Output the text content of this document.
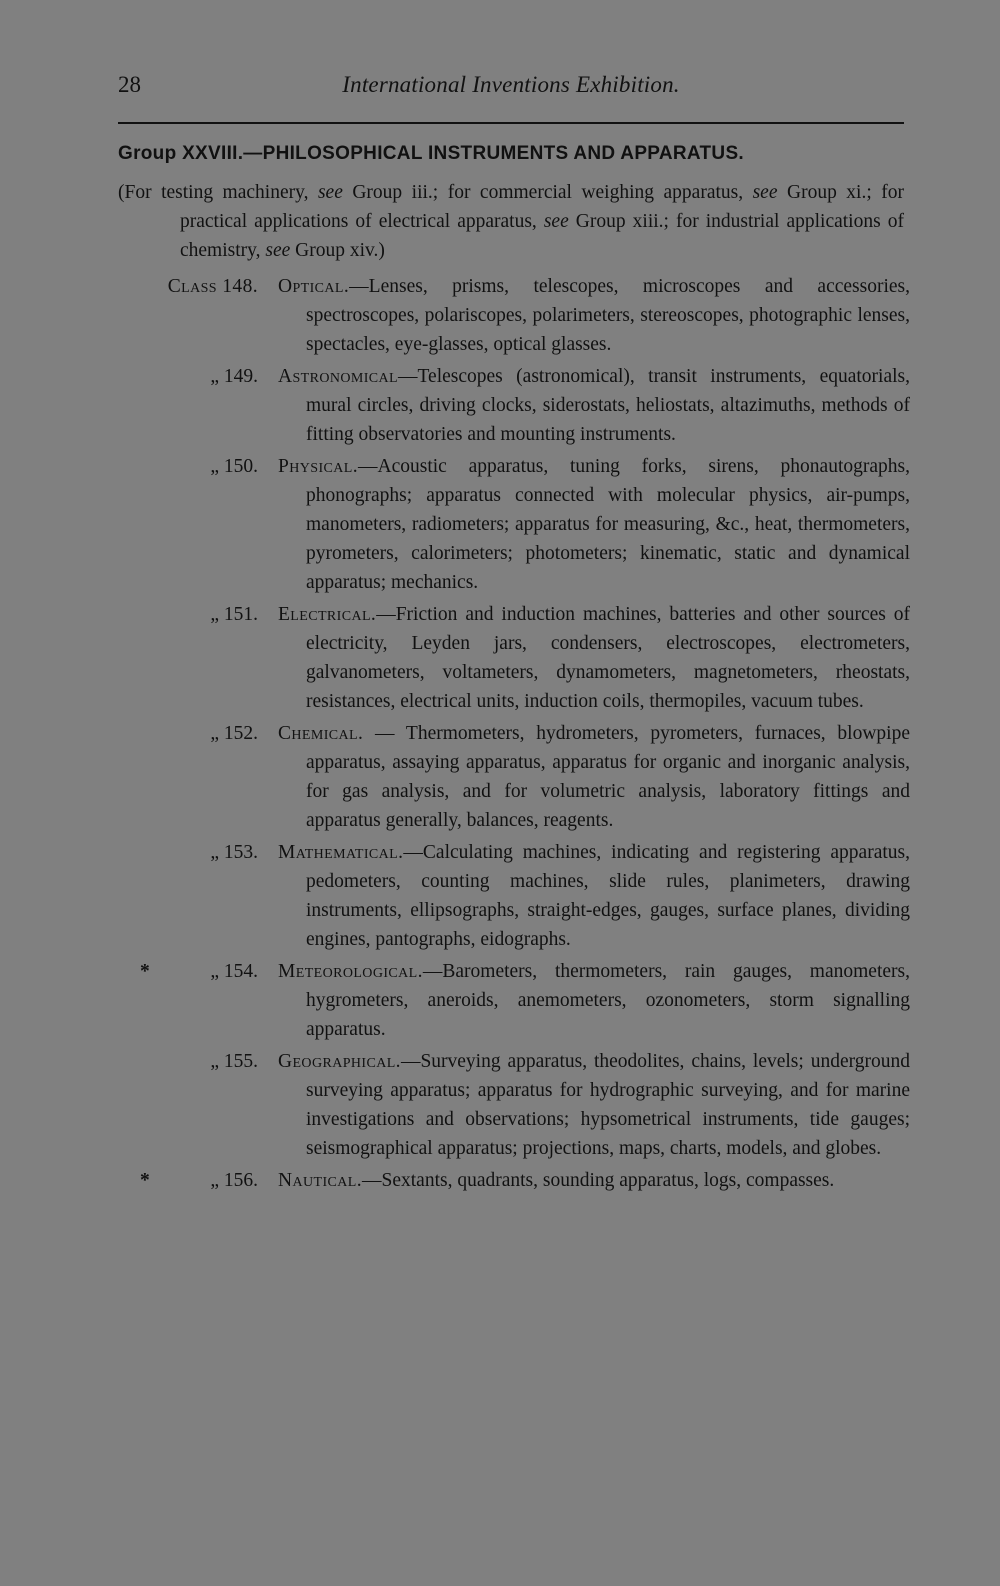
28	International Inventions Exhibition.
Group XXVIII.—PHILOSOPHICAL INSTRUMENTS AND APPARATUS.
(For testing machinery, see Group iii.; for commercial weighing apparatus, see Group xi.; for practical applications of electrical apparatus, see Group xiii.; for industrial applications of chemistry, see Group xiv.)
Class 148.	Optical.—Lenses, prisms, telescopes, microscopes and accessories, spectroscopes, polariscopes, polarimeters, stereoscopes, photographic lenses, spectacles, eye-glasses, optical glasses.
„ 149.	Astronomical—Telescopes (astronomical), transit instruments, equatorials, mural circles, driving clocks, siderostats, heliostats, altazimuths, methods of fitting observatories and mounting instruments.
„ 150.	Physical.—Acoustic apparatus, tuning forks, sirens, phonautographs, phonographs; apparatus connected with molecular physics, air-pumps, manometers, radiometers; apparatus for measuring, &c., heat, thermometers, pyrometers, calorimeters; photometers; kinematic, static and dynamical apparatus; mechanics.
„ 151.	Electrical.—Friction and induction machines, batteries and other sources of electricity, Leyden jars, condensers, electroscopes, electrometers, galvanometers, voltameters, dynamometers, magnetometers, rheostats, resistances, electrical units, induction coils, thermopiles, vacuum tubes.
„ 152.	Chemical. — Thermometers, hydrometers, pyrometers, furnaces, blowpipe apparatus, assaying apparatus, apparatus for organic and inorganic analysis, for gas analysis, and for volumetric analysis, laboratory fittings and apparatus generally, balances, reagents.
„ 153.	Mathematical.—Calculating machines, indicating and registering apparatus, pedometers, counting machines, slide rules, planimeters, drawing instruments, ellipsographs, straight-edges, gauges, surface planes, dividing engines, pantographs, eidographs.
*	„ 154.	Meteorological.—Barometers, thermometers, rain gauges, manometers, hygrometers, aneroids, anemometers, ozonometers, storm signalling apparatus.
„ 155.	Geographical.—Surveying apparatus, theodolites, chains, levels; underground surveying apparatus; apparatus for hydrographic surveying, and for marine investigations and observations; hypsometrical instruments, tide gauges; seismographical apparatus; projections, maps, charts, models, and globes.
*	„ 156.	Nautical.—Sextants, quadrants, sounding apparatus, logs, compasses.
